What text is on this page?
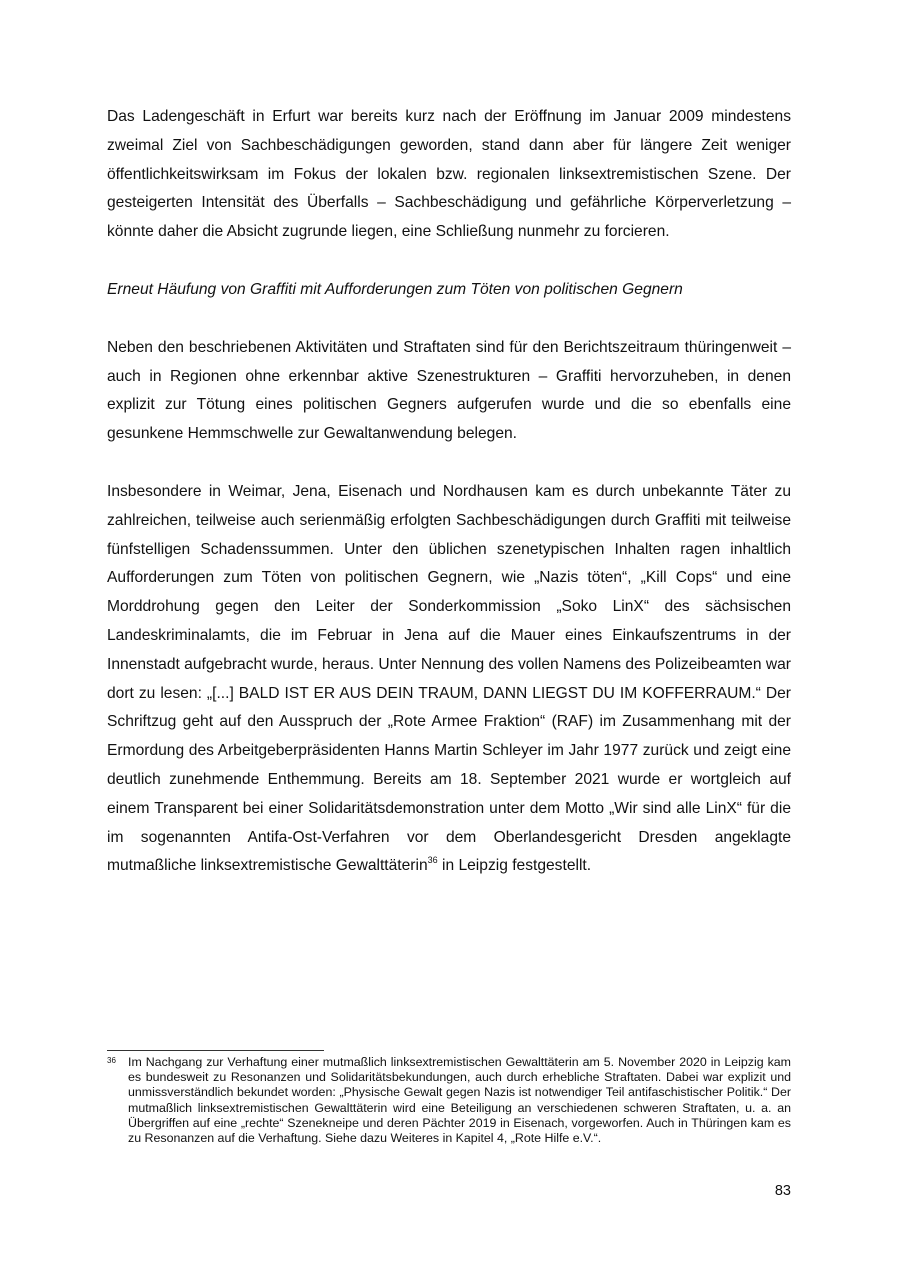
Das Ladengeschäft in Erfurt war bereits kurz nach der Eröffnung im Januar 2009 mindestens zweimal Ziel von Sachbeschädigungen geworden, stand dann aber für längere Zeit weniger öffentlichkeitswirksam im Fokus der lokalen bzw. regionalen linksextremistischen Szene. Der gesteigerten Intensität des Überfalls – Sachbeschädigung und gefährliche Körperverletzung – könnte daher die Absicht zugrunde liegen, eine Schließung nunmehr zu forcieren.

Erneut Häufung von Graffiti mit Aufforderungen zum Töten von politischen Gegnern

Neben den beschriebenen Aktivitäten und Straftaten sind für den Berichtszeitraum thüringenweit – auch in Regionen ohne erkennbar aktive Szenestrukturen – Graffiti hervorzuheben, in denen explizit zur Tötung eines politischen Gegners aufgerufen wurde und die so ebenfalls eine gesunkene Hemmschwelle zur Gewaltanwendung belegen.

Insbesondere in Weimar, Jena, Eisenach und Nordhausen kam es durch unbekannte Täter zu zahlreichen, teilweise auch serienmäßig erfolgten Sachbeschädigungen durch Graffiti mit teilweise fünfstelligen Schadenssummen. Unter den üblichen szenetypischen Inhalten ragen inhaltlich Aufforderungen zum Töten von politischen Gegnern, wie „Nazis töten“, „Kill Cops“ und eine Morddrohung gegen den Leiter der Sonderkommission „Soko LinX“ des sächsischen Landeskriminalamts, die im Februar in Jena auf die Mauer eines Einkaufszentrums in der Innenstadt aufgebracht wurde, heraus. Unter Nennung des vollen Namens des Polizeibeamten war dort zu lesen: „[...] BALD IST ER AUS DEIN TRAUM, DANN LIEGST DU IM KOFFERRAUM.“ Der Schriftzug geht auf den Ausspruch der „Rote Armee Fraktion“ (RAF) im Zusammenhang mit der Ermordung des Arbeitgeberpräsidenten Hanns Martin Schleyer im Jahr 1977 zurück und zeigt eine deutlich zunehmende Enthemmung. Bereits am 18. September 2021 wurde er wortgleich auf einem Transparent bei einer Solidaritätsdemonstration unter dem Motto „Wir sind alle LinX“ für die im sogenannten Antifa-Ost-Verfahren vor dem Oberlandesgericht Dresden angeklagte mutmaßliche linksextremistische Gewalttäterin$^{36}$ in Leipzig festgestellt.

36 Im Nachgang zur Verhaftung einer mutmaßlich linksextremistischen Gewalttäterin am 5. November 2020 in Leipzig kam es bundesweit zu Resonanzen und Solidaritätsbekundungen, auch durch erhebliche Straftaten. Dabei war explizit und unmissverständlich bekundet worden: „Physische Gewalt gegen Nazis ist notwendiger Teil antifaschistischer Politik.“ Der mutmaßlich linksextremistischen Gewalttäterin wird eine Beteiligung an verschiedenen schweren Straftaten, u. a. an Übergriffen auf eine „rechte“ Szenekneipe und deren Pächter 2019 in Eisenach, vorgeworfen. Auch in Thüringen kam es zu Resonanzen auf die Verhaftung. Siehe dazu Weiteres in Kapitel 4, „Rote Hilfe e.V.“.
83
